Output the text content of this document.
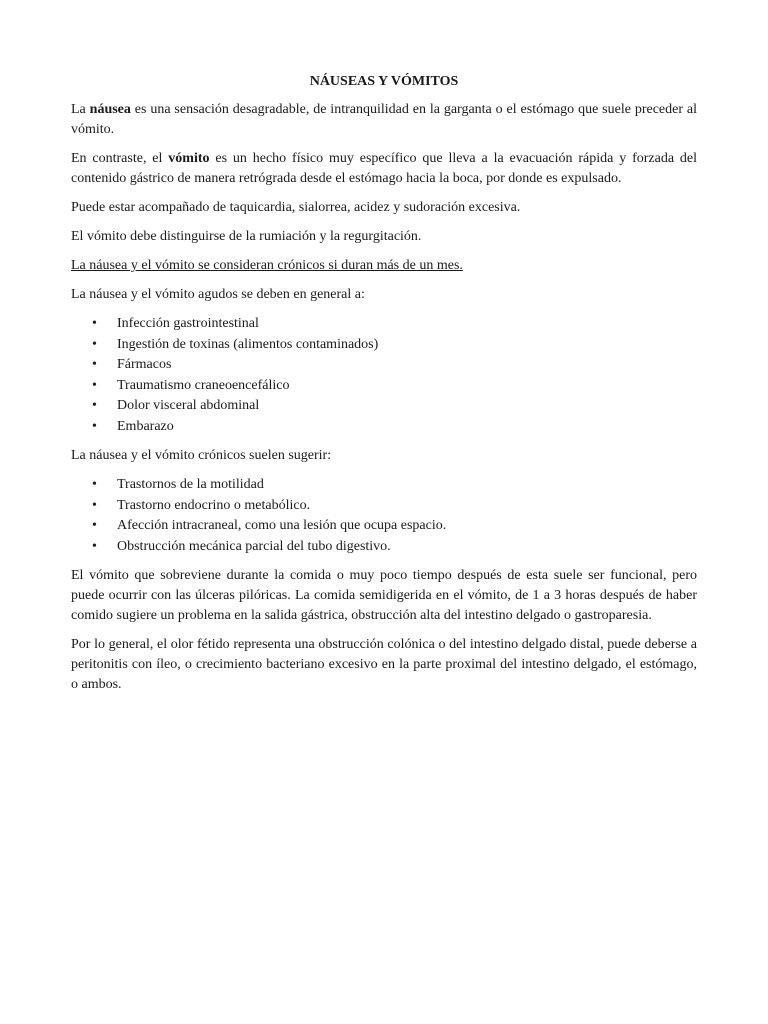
NÁUSEAS Y VÓMITOS

La náusea es una sensación desagradable, de intranquilidad en la garganta o el estómago que suele preceder al vómito.

En contraste, el vómito es un hecho físico muy específico que lleva a la evacuación rápida y forzada del contenido gástrico de manera retrógrada desde el estómago hacia la boca, por donde es expulsado.

Puede estar acompañado de taquicardia, sialorrea, acidez y sudoración excesiva.

El vómito debe distinguirse de la rumiación y la regurgitación.

La náusea y el vómito se consideran crónicos si duran más de un mes.

La náusea y el vómito agudos se deben en general a:

• Infección gastrointestinal
• Ingestión de toxinas (alimentos contaminados)
• Fármacos
• Traumatismo craneoencefálico
• Dolor visceral abdominal
• Embarazo

La náusea y el vómito crónicos suelen sugerir:

• Trastornos de la motilidad
• Trastorno endocrino o metabólico.
• Afección intracraneal, como una lesión que ocupa espacio.
• Obstrucción mecánica parcial del tubo digestivo.

El vómito que sobreviene durante la comida o muy poco tiempo después de esta suele ser funcional, pero puede ocurrir con las úlceras pilóricas. La comida semidigerida en el vómito, de 1 a 3 horas después de haber comido sugiere un problema en la salida gástrica, obstrucción alta del intestino delgado o gastroparesia.

Por lo general, el olor fétido representa una obstrucción colónica o del intestino delgado distal, puede deberse a peritonitis con íleo, o crecimiento bacteriano excesivo en la parte proximal del intestino delgado, el estómago, o ambos.
